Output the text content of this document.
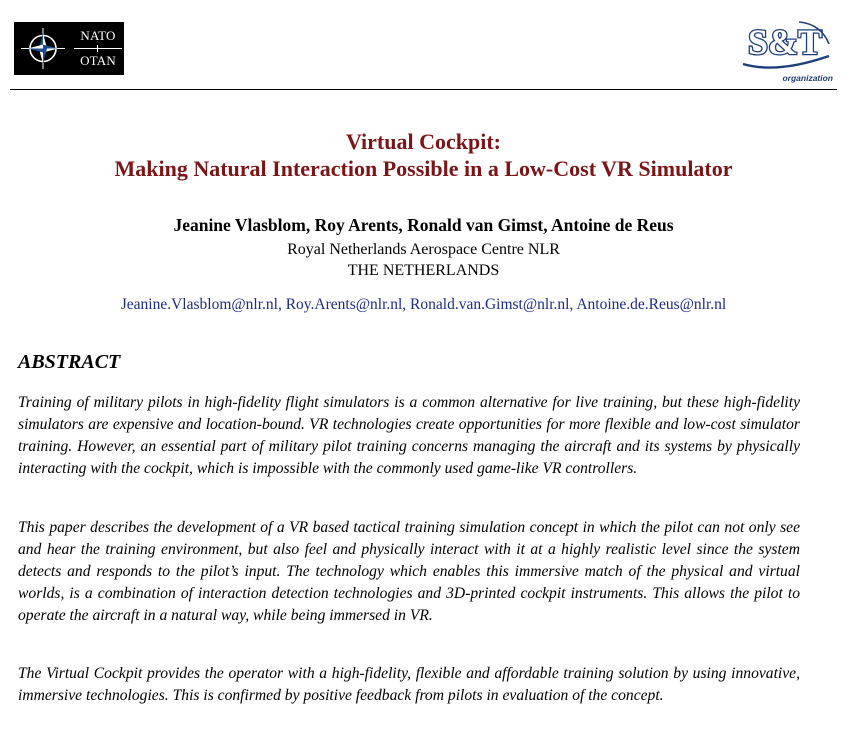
NATO
OTAN	S&T
organization
Virtual Cockpit:
Making Natural Interaction Possible in a Low-Cost VR Simulator
Jeanine Vlasblom, Roy Arents, Ronald van Gimst, Antoine de Reus
Royal Netherlands Aerospace Centre NLR
THE NETHERLANDS
Jeanine.Vlasblom@nlr.nl, Roy.Arents@nlr.nl, Ronald.van.Gimst@nlr.nl, Antoine.de.Reus@nlr.nl
ABSTRACT

Training of military pilots in high-fidelity flight simulators is a common alternative for live training, but these high-fidelity simulators are expensive and location-bound. VR technologies create opportunities for more flexible and low-cost simulator training. However, an essential part of military pilot training concerns managing the aircraft and its systems by physically interacting with the cockpit, which is impossible with the commonly used game-like VR controllers.

This paper describes the development of a VR based tactical training simulation concept in which the pilot can not only see and hear the training environment, but also feel and physically interact with it at a highly realistic level since the system detects and responds to the pilot’s input. The technology which enables this immersive match of the physical and virtual worlds, is a combination of interaction detection technologies and 3D-printed cockpit instruments. This allows the pilot to operate the aircraft in a natural way, while being immersed in VR.

The Virtual Cockpit provides the operator with a high-fidelity, flexible and affordable training solution by using innovative, immersive technologies. This is confirmed by positive feedback from pilots in evaluation of the concept.
